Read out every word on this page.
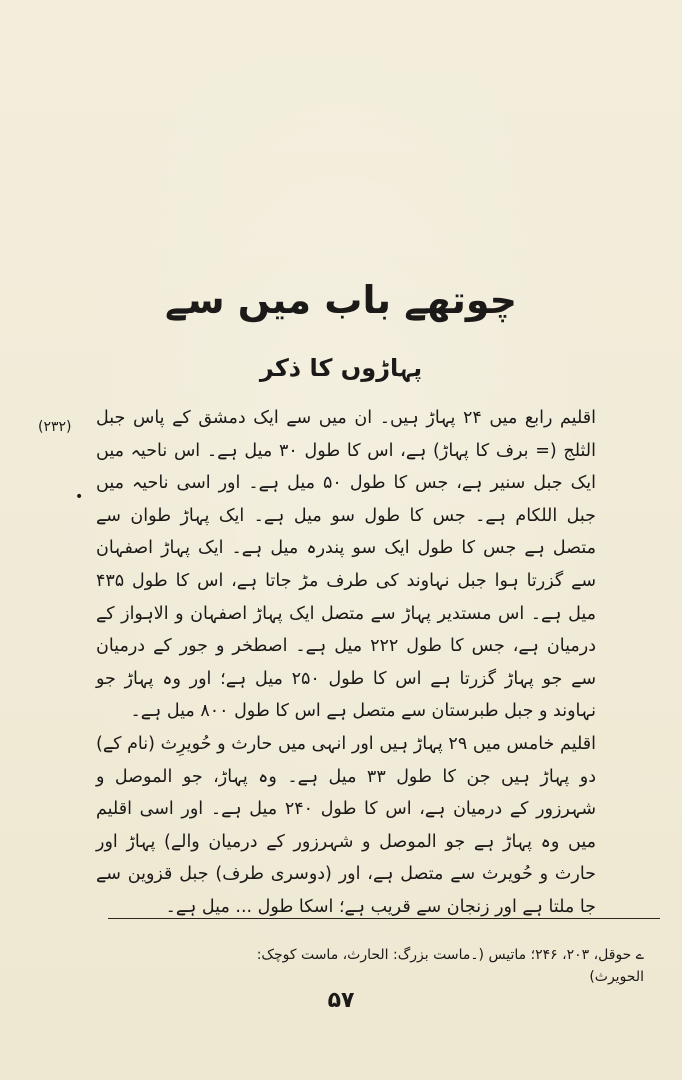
چوتھے باب میں سے
پہاڑوں کا ذکر
(۲۳۲)
•

اقلیم رابع میں ۲۴ پہاڑ ہیں۔ ان میں سے ایک دمشق کے پاس جبل الثلج (= برف کا پہاڑ) ہے، اس کا طول ۳۰ میل ہے۔ اس ناحیہ میں ایک جبل سنیر ہے، جس کا طول ۵۰ میل ہے۔ اور اسی ناحیہ میں جبل اللکام ہے۔ جس کا طول سو میل ہے۔ ایک پہاڑ طوان سے متصل ہے جس کا طول ایک سو پندرہ میل ہے۔ ایک پہاڑ اصفہان سے گزرتا ہوا جبل نہاوند کی طرف مڑ جاتا ہے، اس کا طول ۴۳۵ میل ہے۔ اس مستدیر پہاڑ سے متصل ایک پہاڑ اصفہان و الاہواز کے درمیان ہے، جس کا طول ۲۲۲ میل ہے۔ اصطخر و جور کے درمیان سے جو پہاڑ گزرتا ہے اس کا طول ۲۵۰ میل ہے؛ اور وہ پہاڑ جو نہاوند و جبل طبرستان سے متصل ہے اس کا طول ۸۰۰ میل ہے۔

اقلیم خامس میں ۲۹ پہاڑ ہیں اور انہی میں حارث و حُویرِث (نام کے) دو پہاڑ ہیں جن کا طول ۳۳ میل ہے۔ وہ پہاڑ، جو الموصل و شہرزور کے درمیان ہے، اس کا طول ۲۴۰ میل ہے۔ اور اسی اقلیم میں وہ پہاڑ ہے جو الموصل و شہرزور کے درمیان والے) پہاڑ اور حارث و حُویرث سے متصل ہے، اور (دوسری طرف) جبل قزوین سے جا ملتا ہے اور زنجان سے قریب ہے؛ اسکا طول ... میل ہے۔

ے حوقل، ۲۰۳، ۲۴۶؛ ماتیس (۔ماست بزرگ: الحارث، ماست کوچک: الحویرث)
۵۷
